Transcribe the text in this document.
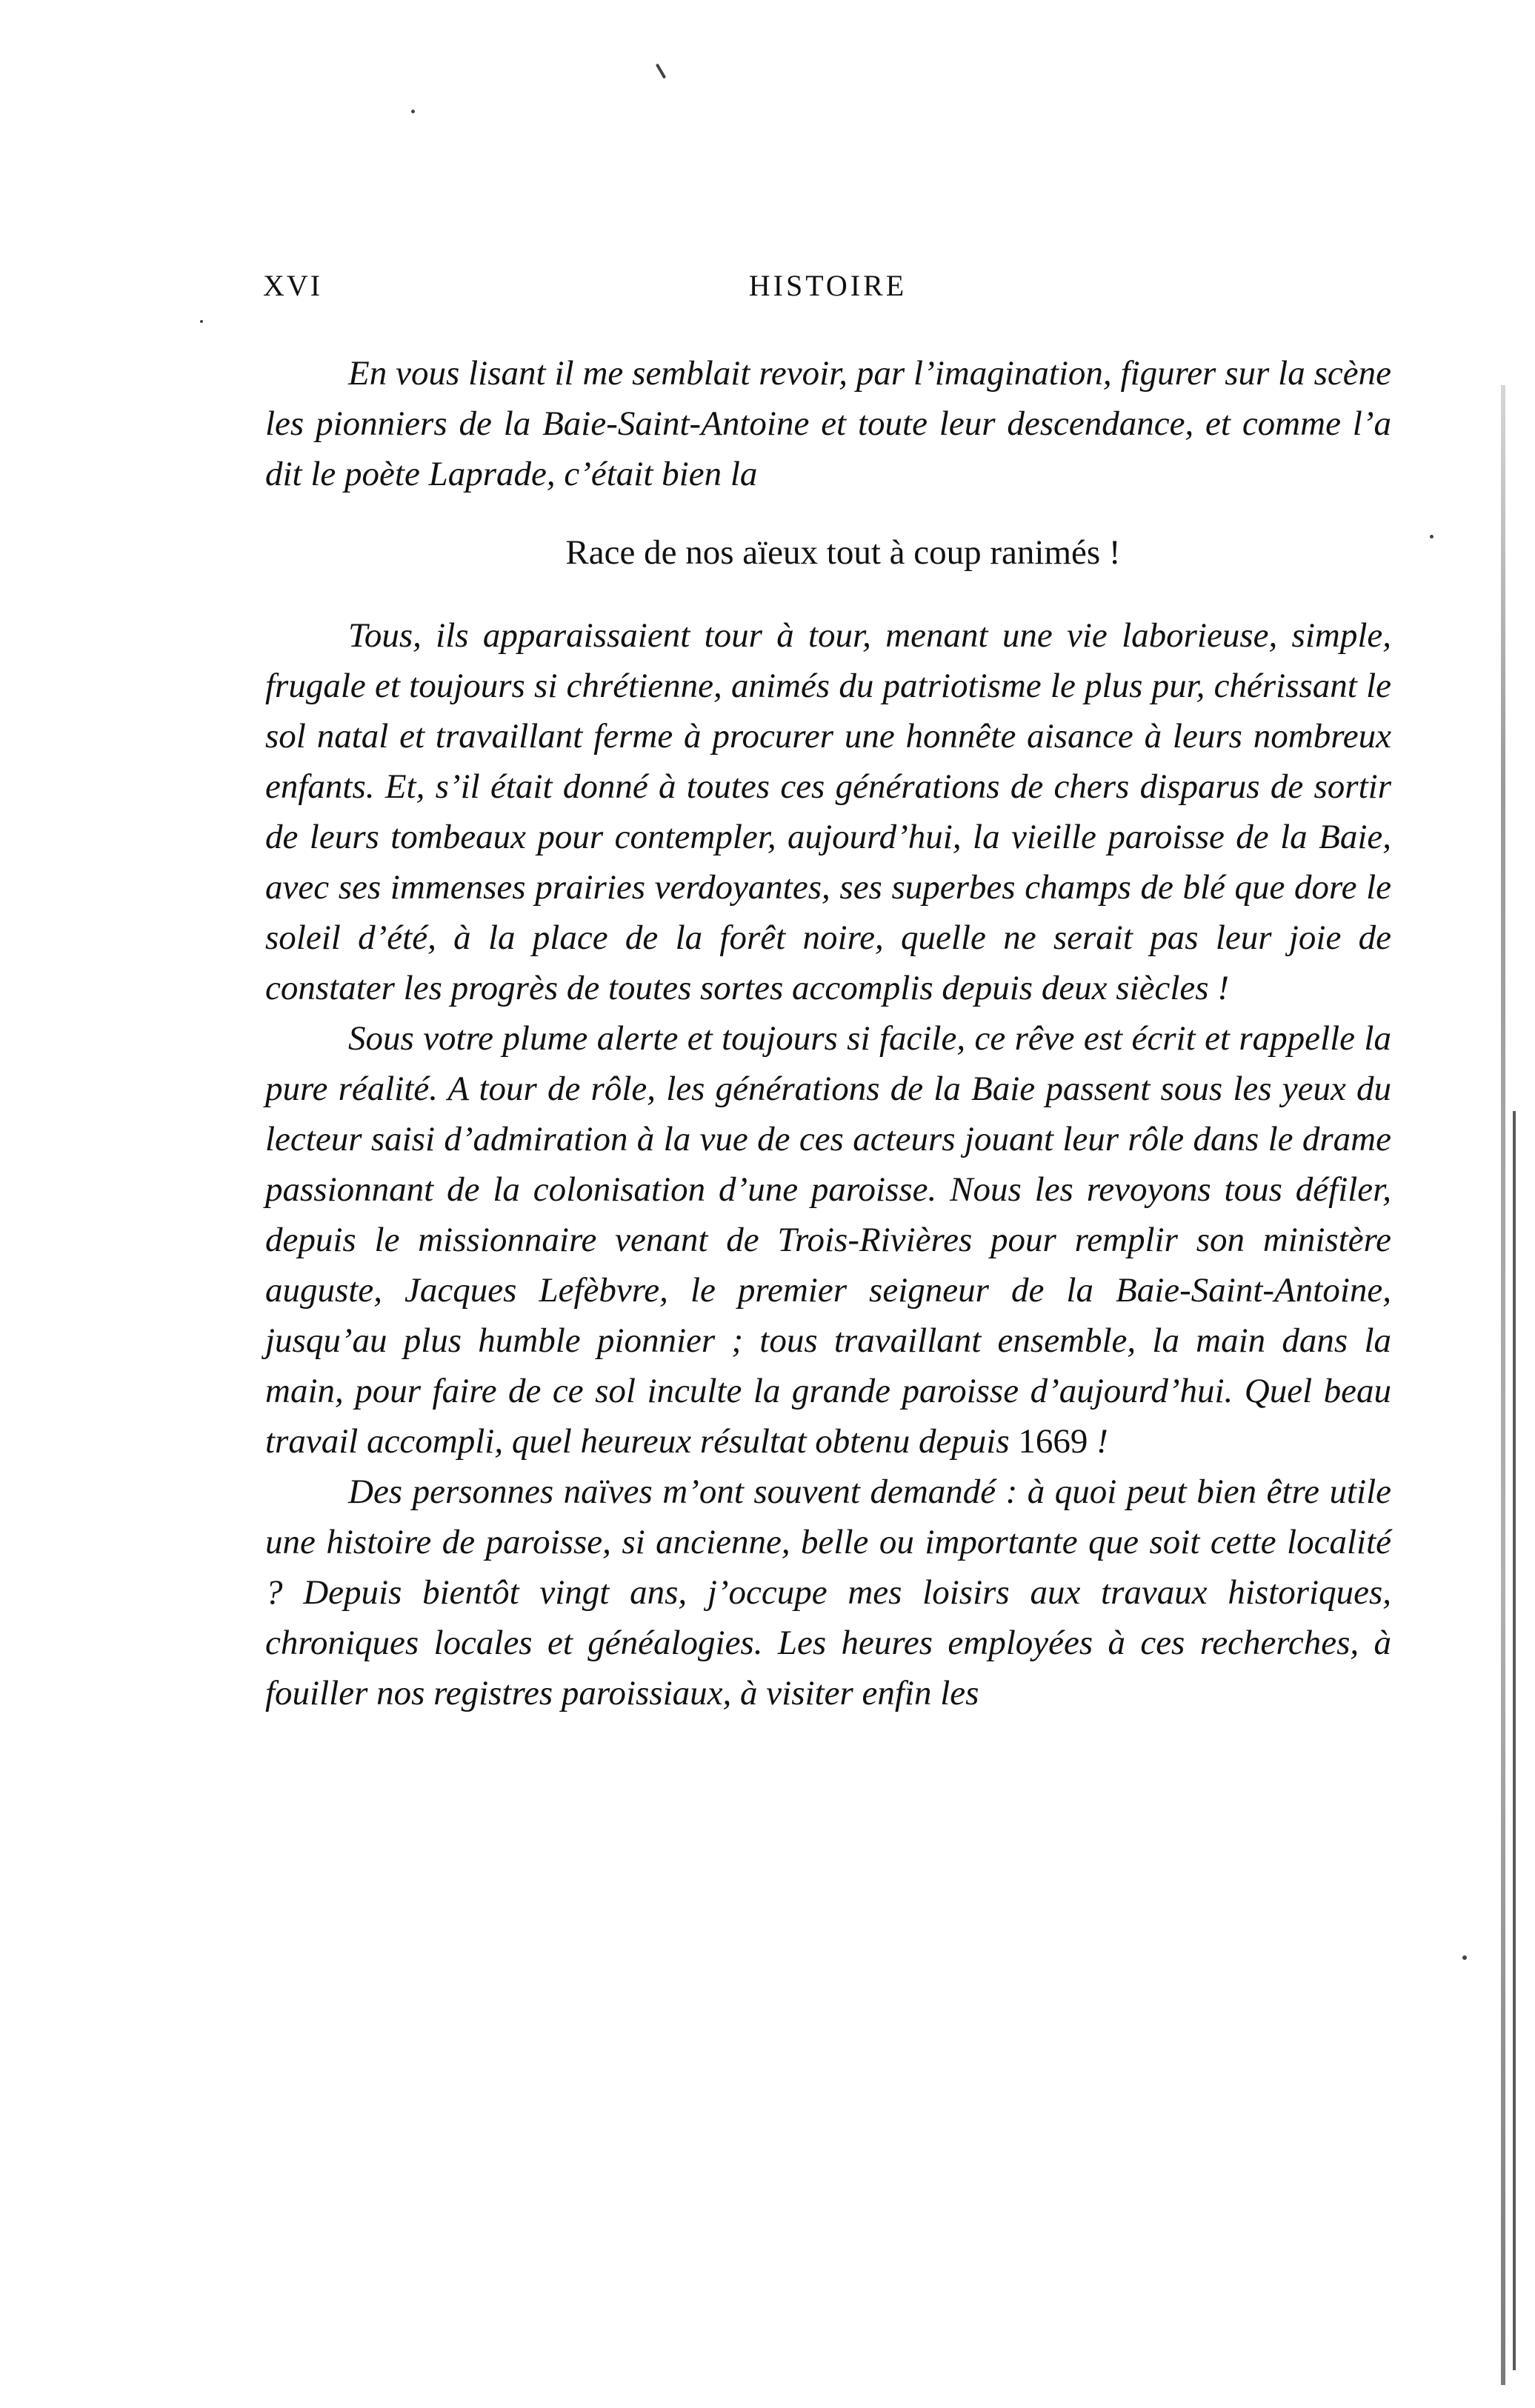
XVI	HISTOIRE

En vous lisant il me semblait revoir, par l’imagination, figurer sur la scène les pionniers de la Baie-Saint-Antoine et toute leur descendance, et comme l’a dit le poète Laprade, c’était bien la

Race de nos aïeux tout à coup ranimés !

Tous, ils apparaissaient tour à tour, menant une vie laborieuse, simple, frugale et toujours si chrétienne, animés du patriotisme le plus pur, chérissant le sol natal et travaillant ferme à procurer une honnête aisance à leurs nombreux enfants. Et, s’il était donné à toutes ces générations de chers disparus de sortir de leurs tombeaux pour contempler, aujourd’hui, la vieille paroisse de la Baie, avec ses immenses prairies verdoyantes, ses superbes champs de blé que dore le soleil d’été, à la place de la forêt noire, quelle ne serait pas leur joie de constater les progrès de toutes sortes accomplis depuis deux siècles !

Sous votre plume alerte et toujours si facile, ce rêve est écrit et rappelle la pure réalité. A tour de rôle, les générations de la Baie passent sous les yeux du lecteur saisi d’admiration à la vue de ces acteurs jouant leur rôle dans le drame passionnant de la colonisation d’une paroisse. Nous les revoyons tous défiler, depuis le missionnaire venant de Trois-Rivières pour remplir son ministère auguste, Jacques Lefèbvre, le premier seigneur de la Baie-Saint-Antoine, jusqu’au plus humble pionnier ; tous travaillant ensemble, la main dans la main, pour faire de ce sol inculte la grande paroisse d’aujourd’hui. Quel beau travail accompli, quel heureux résultat obtenu depuis 1669 !

Des personnes naïves m’ont souvent demandé : à quoi peut bien être utile une histoire de paroisse, si ancienne, belle ou importante que soit cette localité ? Depuis bientôt vingt ans, j’occupe mes loisirs aux travaux historiques, chroniques locales et généalogies. Les heures employées à ces recherches, à fouiller nos registres paroissiaux, à visiter enfin les
